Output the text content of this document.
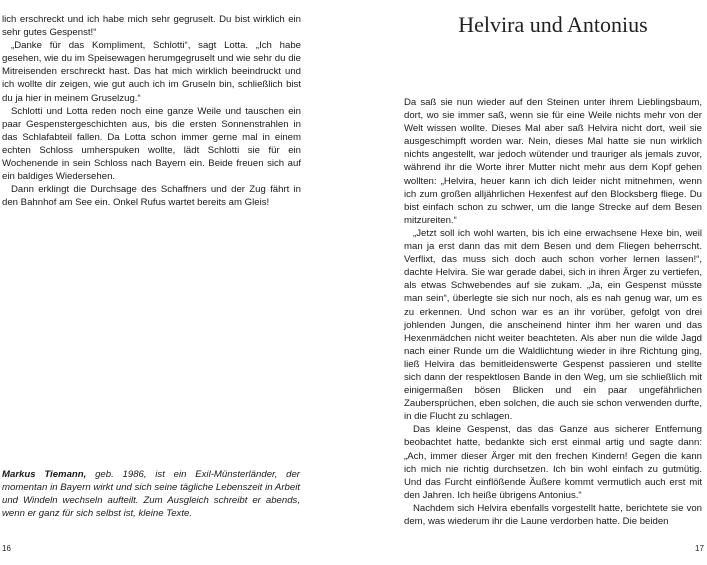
lich erschreckt und ich habe mich sehr gegruselt. Du bist wirklich ein sehr gutes Gespenst!“

„Danke für das Kompliment, Schlotti“, sagt Lotta. „Ich habe gesehen, wie du im Speisewagen herumgegruselt und wie sehr du die Mitreisenden erschreckt hast. Das hat mich wirklich beeindruckt und ich wollte dir zeigen, wie gut auch ich im Gruseln bin, schließlich bist du ja hier in meinem Gruselzug.“

Schlotti und Lotta reden noch eine ganze Weile und tauschen ein paar Gespenstergeschichten aus, bis die ersten Sonnenstrahlen in das Schlafabteil fallen. Da Lotta schon immer gerne mal in einem echten Schloss umherspuken wollte, lädt Schlotti sie für ein Wochenende in sein Schloss nach Bayern ein. Beide freuen sich auf ein baldiges Wiedersehen.

Dann erklingt die Durchsage des Schaffners und der Zug fährt in den Bahnhof am See ein. Onkel Rufus wartet bereits am Gleis!

Markus Tiemann, geb. 1986, ist ein Exil-Münsterländer, der momentan in Bayern wirkt und sich seine tägliche Lebenszeit in Arbeit und Windeln wechseln aufteilt. Zum Ausgleich schreibt er abends, wenn er ganz für sich selbst ist, kleine Texte.

16
Helvira und Antonius

Da saß sie nun wieder auf den Steinen unter ihrem Lieblingsbaum, dort, wo sie immer saß, wenn sie für eine Weile nichts mehr von der Welt wissen wollte. Dieses Mal aber saß Helvira nicht dort, weil sie ausgeschimpft worden war. Nein, dieses Mal hatte sie nun wirklich nichts angestellt, war jedoch wütender und trauriger als jemals zuvor, während ihr die Worte ihrer Mutter nicht mehr aus dem Kopf gehen wollten: „Helvira, heuer kann ich dich leider nicht mitnehmen, wenn ich zum großen alljährlichen Hexenfest auf den Blocksberg fliege. Du bist einfach schon zu schwer, um die lange Strecke auf dem Besen mitzureiten.“

„Jetzt soll ich wohl warten, bis ich eine erwachsene Hexe bin, weil man ja erst dann das mit dem Besen und dem Fliegen beherrscht. Verflixt, das muss sich doch auch schon vorher lernen lassen!“, dachte Helvira. Sie war gerade dabei, sich in ihren Ärger zu vertiefen, als etwas Schwebendes auf sie zukam. „Ja, ein Gespenst müsste man sein“, überlegte sie sich nur noch, als es nah genug war, um es zu erkennen. Und schon war es an ihr vorüber, gefolgt von drei johlenden Jungen, die anscheinend hinter ihm her waren und das Hexenmädchen nicht weiter beachteten. Als aber nun die wilde Jagd nach einer Runde um die Waldlichtung wieder in ihre Richtung ging, ließ Helvira das bemitleidenswerte Gespenst passieren und stellte sich dann der respektlosen Bande in den Weg, um sie schließlich mit einigermaßen bösen Blicken und ein paar ungefährlichen Zaubersprüchen, eben solchen, die auch sie schon verwenden durfte, in die Flucht zu schlagen.

Das kleine Gespenst, das das Ganze aus sicherer Entfernung beobachtet hatte, bedankte sich erst einmal artig und sagte dann: „Ach, immer dieser Ärger mit den frechen Kindern! Gegen die kann ich mich nie richtig durchsetzen. Ich bin wohl einfach zu gutmütig. Und das Furcht einflößende Äußere kommt vermutlich auch erst mit den Jahren. Ich heiße übrigens Antonius.“

Nachdem sich Helvira ebenfalls vorgestellt hatte, berichtete sie von dem, was wiederum ihr die Laune verdorben hatte. Die beiden

17
